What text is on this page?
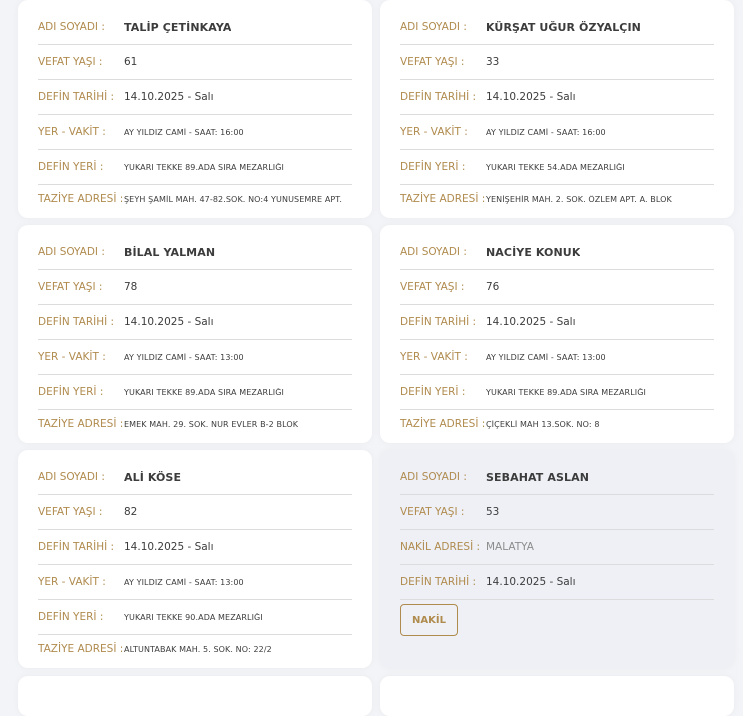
ADI SOYADI :	TALİP ÇETİNKAYA
VEFAT YAŞI :	61
DEFİN TARİHİ : 14.10.2025 - Salı
YER - VAKİT :	AY YILDIZ CAMİ - SAAT: 16:00
DEFİN YERİ :	YUKARI TEKKE 89.ADA SIRA MEZARLIĞI
TAZİYE ADRESİ : ŞEYH ŞAMİL MAH. 47-82.SOK. NO:4 YUNUSEMRE APT.
ADI SOYADI :	KÜRŞAT UĞUR ÖZYALÇIN
VEFAT YAŞI :	33
DEFİN TARİHİ : 14.10.2025 - Salı
YER - VAKİT :	AY YILDIZ CAMİ - SAAT: 16:00
DEFİN YERİ :	YUKARI TEKKE 54.ADA MEZARLIĞI
TAZİYE ADRESİ : YENİŞEHİR MAH. 2. SOK. ÖZLEM APT. A. BLOK
ADI SOYADI :	BİLAL YALMAN
VEFAT YAŞI :	78
DEFİN TARİHİ : 14.10.2025 - Salı
YER - VAKİT :	AY YILDIZ CAMİ - SAAT: 13:00
DEFİN YERİ :	YUKARI TEKKE 89.ADA SIRA MEZARLIĞI
TAZİYE ADRESİ : EMEK MAH. 29. SOK. NUR EVLER B-2 BLOK
ADI SOYADI :	NACİYE KONUK
VEFAT YAŞI :	76
DEFİN TARİHİ : 14.10.2025 - Salı
YER - VAKİT :	AY YILDIZ CAMİ - SAAT: 13:00
DEFİN YERİ :	YUKARI TEKKE 89.ADA SIRA MEZARLIĞI
TAZİYE ADRESİ : ÇİÇEKLİ MAH 13.SOK. NO: 8
ADI SOYADI :	ALİ KÖSE
VEFAT YAŞI :	82
DEFİN TARİHİ : 14.10.2025 - Salı
YER - VAKİT :	AY YILDIZ CAMİ - SAAT: 13:00
DEFİN YERİ :	YUKARI TEKKE 90.ADA MEZARLIĞI
TAZİYE ADRESİ : ALTUNTABAK MAH. 5. SOK. NO: 22/2
ADI SOYADI :	SEBAHAT ASLAN
VEFAT YAŞI :	53
NAKİL ADRESİ : MALATYA
DEFİN TARİHİ : 14.10.2025 - Salı
NAKİL
